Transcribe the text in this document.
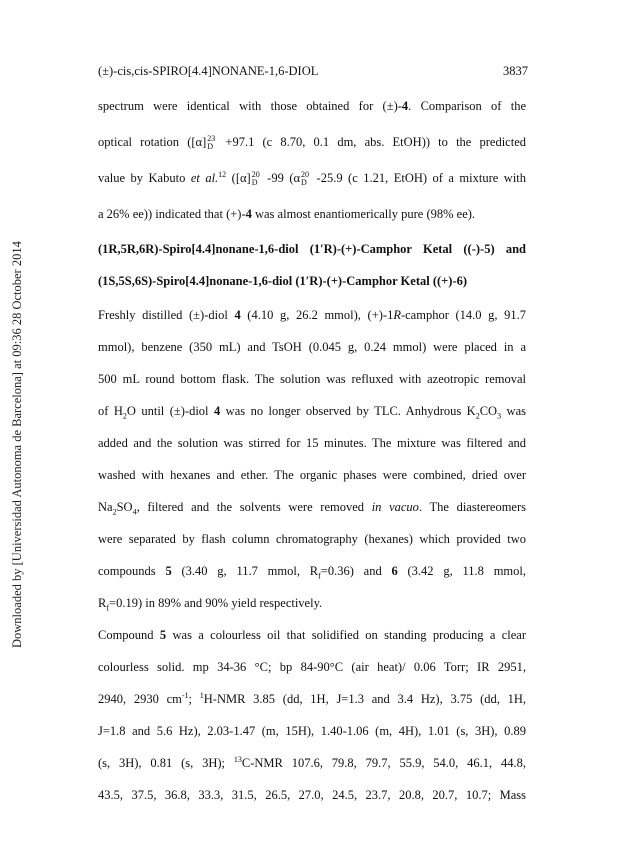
Downloaded by [Universidad Autonoma de Barcelona] at 09:36 28 October 2014
(±)-cis,cis-SPIRO[4.4]NONANE-1,6-DIOL	3837
spectrum were identical with those obtained for (±)-4. Comparison of the
optical rotation ([α] 23
D +97.1 (c 8.70, 0.1 dm, abs. EtOH)) to the predicted
value by Kabuto et al.$^{12}$ ([α] 20
D -99 (α 20
D -25.9 (c 1.21, EtOH) of a mixture with
a 26% ee)) indicated that (+)-4 was almost enantiomerically pure (98% ee).
(1R,5R,6R)-Spiro[4.4]nonane-1,6-diol (1′R)-(+)-Camphor Ketal ((-)-5) and
(1S,5S,6S)-Spiro[4.4]nonane-1,6-diol (1′R)-(+)-Camphor Ketal ((+)-6)
Freshly distilled (±)-diol 4 (4.10 g, 26.2 mmol), (+)-1R-camphor (14.0 g, 91.7
mmol), benzene (350 mL) and TsOH (0.045 g, 0.24 mmol) were placed in a
500 mL round bottom flask. The solution was refluxed with azeotropic removal
of $H_2O$ until (±)-diol 4 was no longer observed by TLC. Anhydrous $K_2CO_3$ was
added and the solution was stirred for 15 minutes. The mixture was filtered and
washed with hexanes and ether. The organic phases were combined, dried over
$Na_2SO_4$, filtered and the solvents were removed in vacuo. The diastereomers
were separated by flash column chromatography (hexanes) which provided two
compounds 5 (3.40 g, 11.7 mmol, $R_f=0.36$) and 6 (3.42 g, 11.8 mmol,
$R_f=0.19$) in 89% and 90% yield respectively.
Compound 5 was a colourless oil that solidified on standing producing a clear
colourless solid. mp 34-36 °C; bp 84-90°C (air heat)/ 0.06 Torr; IR 2951,
2940, 2930 $cm^{-1}$; $^1$H-NMR 3.85 (dd, 1H, J=1.3 and 3.4 Hz), 3.75 (dd, 1H,
J=1.8 and 5.6 Hz), 2.03-1.47 (m, 15H), 1.40-1.06 (m, 4H), 1.01 (s, 3H), 0.89
(s, 3H), 0.81 (s, 3H); $^{13}$C-NMR 107.6, 79.8, 79.7, 55.9, 54.0, 46.1, 44.8,
43.5, 37.5, 36.8, 33.3, 31.5, 26.5, 27.0, 24.5, 23.7, 20.8, 20.7, 10.7; Mass
